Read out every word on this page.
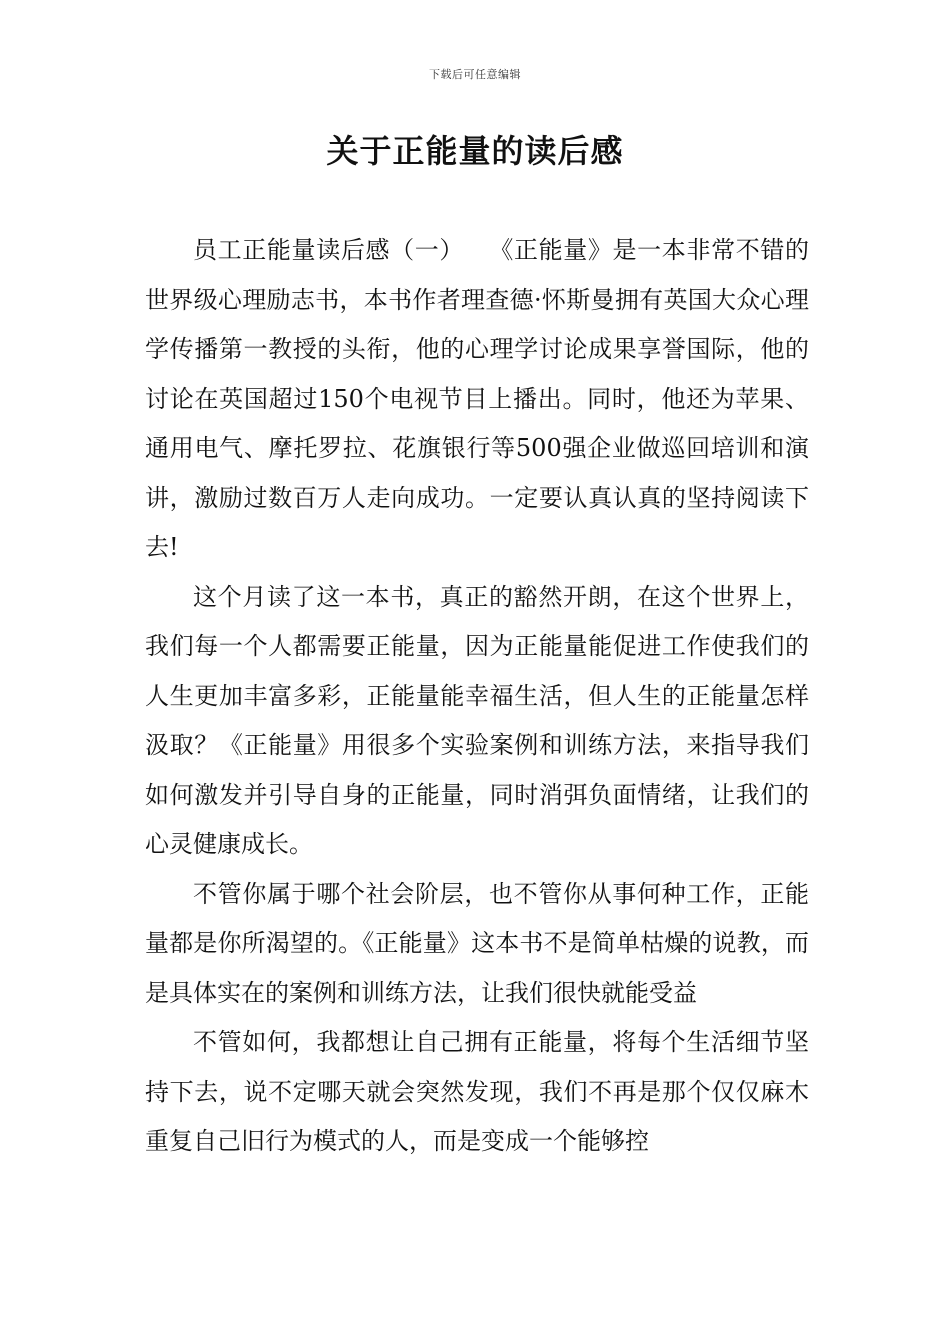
下载后可任意编辑
关于正能量的读后感

员工正能量读后感（一）　　《正能量》是一本非常不错的世界级心理励志书，本书作者理查德·怀斯曼拥有英国大众心理学传播第一教授的头衔，他的心理学讨论成果享誉国际，他的讨论在英国超过150个电视节目上播出。同时，他还为苹果、通用电气、摩托罗拉、花旗银行等500强企业做巡回培训和演讲，激励过数百万人走向成功。一定要认真认真的坚持阅读下去!

这个月读了这一本书，真正的豁然开朗，在这个世界上，我们每一个人都需要正能量，因为正能量能促进工作使我们的人生更加丰富多彩，正能量能幸福生活，但人生的正能量怎样汲取？《正能量》用很多个实验案例和训练方法，来指导我们如何激发并引导自身的正能量，同时消弭负面情绪，让我们的心灵健康成长。

不管你属于哪个社会阶层，也不管你从事何种工作，正能量都是你所渴望的。《正能量》这本书不是简单枯燥的说教，而是具体实在的案例和训练方法，让我们很快就能受益

不管如何，我都想让自己拥有正能量，将每个生活细节坚持下去，说不定哪天就会突然发现，我们不再是那个仅仅麻木重复自己旧行为模式的人，而是变成一个能够控
